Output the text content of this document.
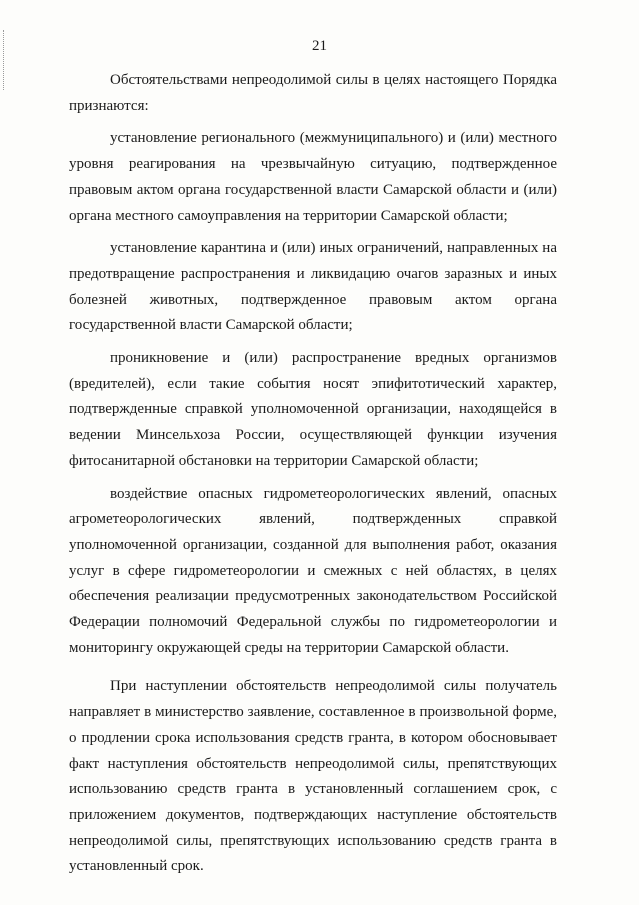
21

Обстоятельствами непреодолимой силы в целях настоящего Порядка признаются:

установление регионального (межмуниципального) и (или) местного уровня реагирования на чрезвычайную ситуацию, подтвержденное правовым актом органа государственной власти Самарской области и (или) органа местного самоуправления на территории Самарской области;

установление карантина и (или) иных ограничений, направленных на предотвращение распространения и ликвидацию очагов заразных и иных болезней животных, подтвержденное правовым актом органа государственной власти Самарской области;

проникновение и (или) распространение вредных организмов (вредителей), если такие события носят эпифитотический характер, подтвержденные справкой уполномоченной организации, находящейся в ведении Минсельхоза России, осуществляющей функции изучения фитосанитарной обстановки на территории Самарской области;

воздействие опасных гидрометеорологических явлений, опасных агрометеорологических явлений, подтвержденных справкой уполномоченной организации, созданной для выполнения работ, оказания услуг в сфере гидрометеорологии и смежных с ней областях, в целях обеспечения реализации предусмотренных законодательством Российской Федерации полномочий Федеральной службы по гидрометеорологии и мониторингу окружающей среды на территории Самарской области.

При наступлении обстоятельств непреодолимой силы получатель направляет в министерство заявление, составленное в произвольной форме, о продлении срока использования средств гранта, в котором обосновывает факт наступления обстоятельств непреодолимой силы, препятствующих использованию средств гранта в установленный соглашением срок, с приложением документов, подтверждающих наступление обстоятельств непреодолимой силы, препятствующих использованию средств гранта в установленный срок.
